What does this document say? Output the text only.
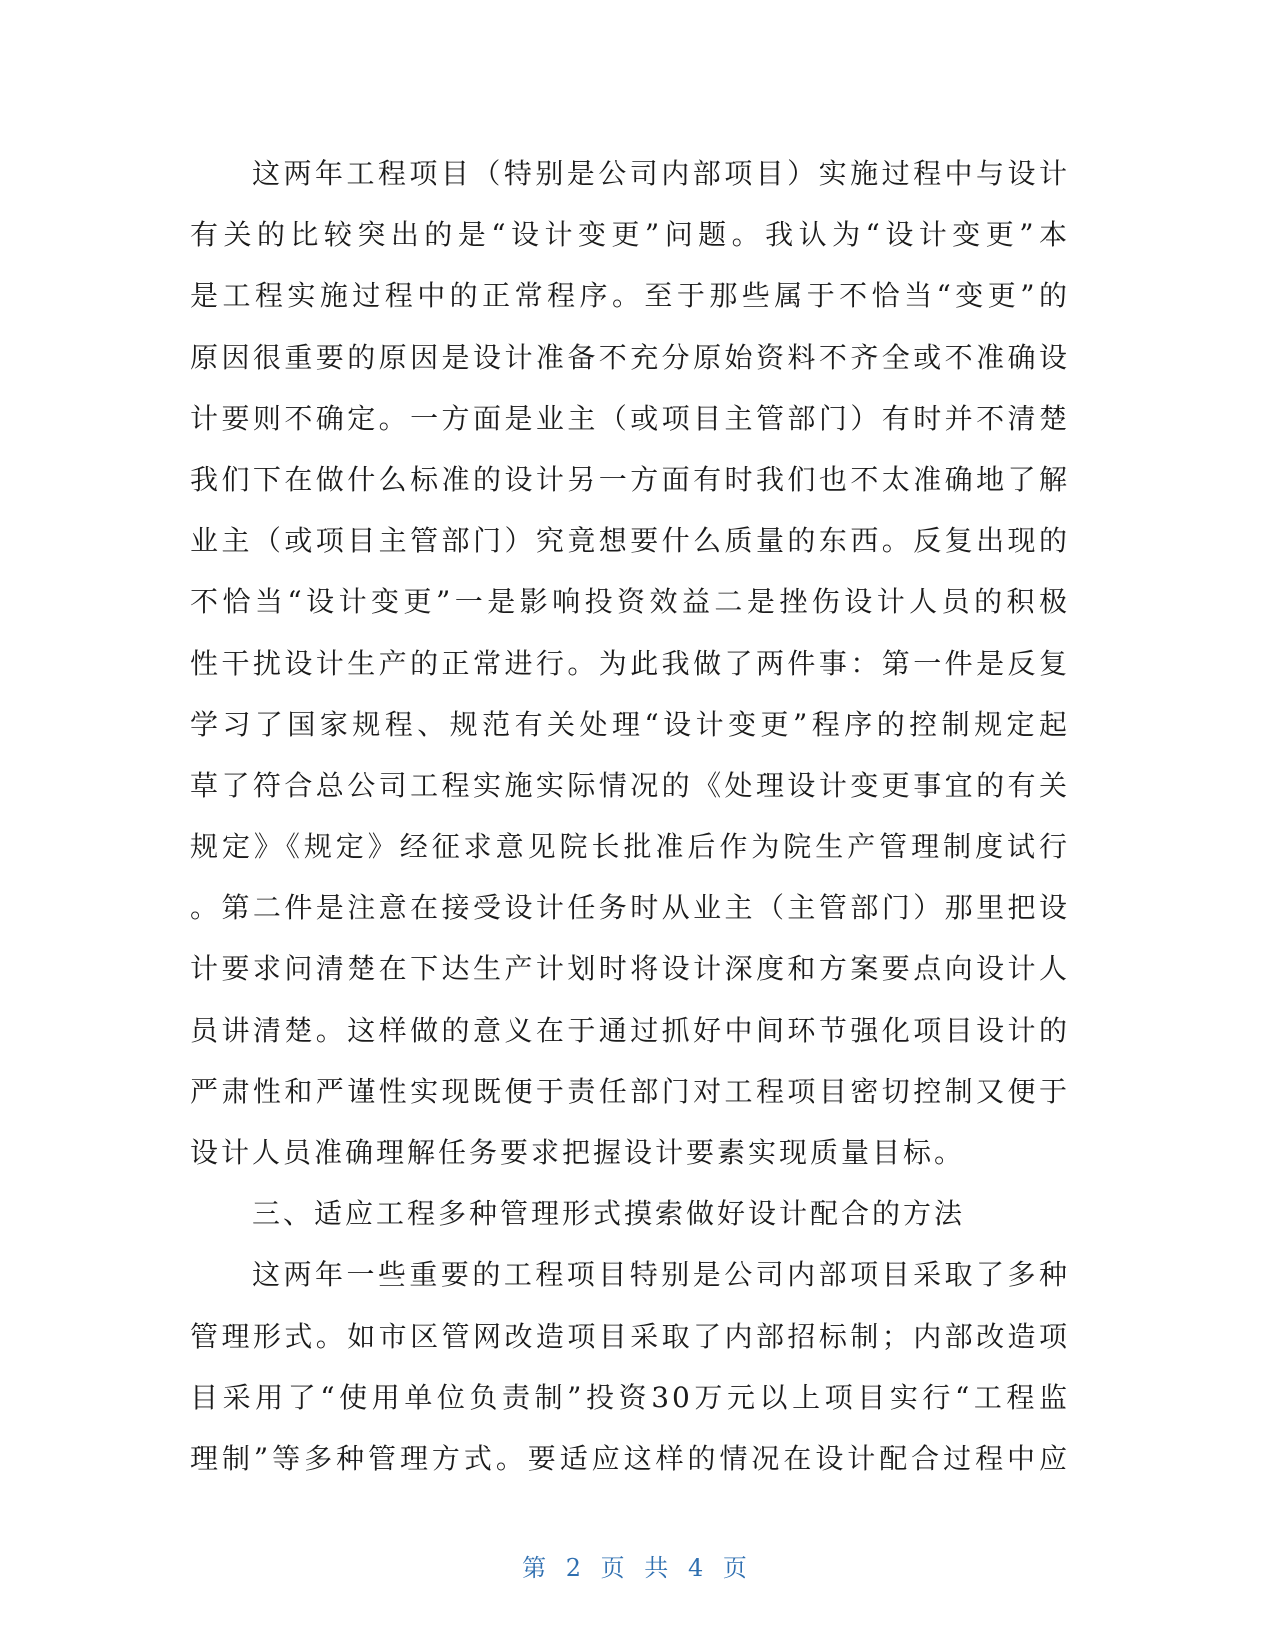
这两年工程项目（特别是公司内部项目）实施过程中与设计
有关的比较突出的是“设计变更”问题。我认为“设计变更”本
是工程实施过程中的正常程序。至于那些属于不恰当“变更”的
原因很重要的原因是设计准备不充分原始资料不齐全或不准确设
计要则不确定。一方面是业主（或项目主管部门）有时并不清楚
我们下在做什么标准的设计另一方面有时我们也不太准确地了解
业主（或项目主管部门）究竟想要什么质量的东西。反复出现的
不恰当“设计变更”一是影响投资效益二是挫伤设计人员的积极
性干扰设计生产的正常进行。为此我做了两件事：第一件是反复
学习了国家规程、规范有关处理“设计变更”程序的控制规定起
草了符合总公司工程实施实际情况的《处理设计变更事宜的有关
规定》《规定》经征求意见院长批准后作为院生产管理制度试行
。第二件是注意在接受设计任务时从业主（主管部门）那里把设
计要求问清楚在下达生产计划时将设计深度和方案要点向设计人
员讲清楚。这样做的意义在于通过抓好中间环节强化项目设计的
严肃性和严谨性实现既便于责任部门对工程项目密切控制又便于
设计人员准确理解任务要求把握设计要素实现质量目标。
三、适应工程多种管理形式摸索做好设计配合的方法
这两年一些重要的工程项目特别是公司内部项目采取了多种
管理形式。如市区管网改造项目采取了内部招标制；内部改造项
目采用了“使用单位负责制”投资30万元以上项目实行“工程监
理制”等多种管理方式。要适应这样的情况在设计配合过程中应
第 2 页 共 4 页
